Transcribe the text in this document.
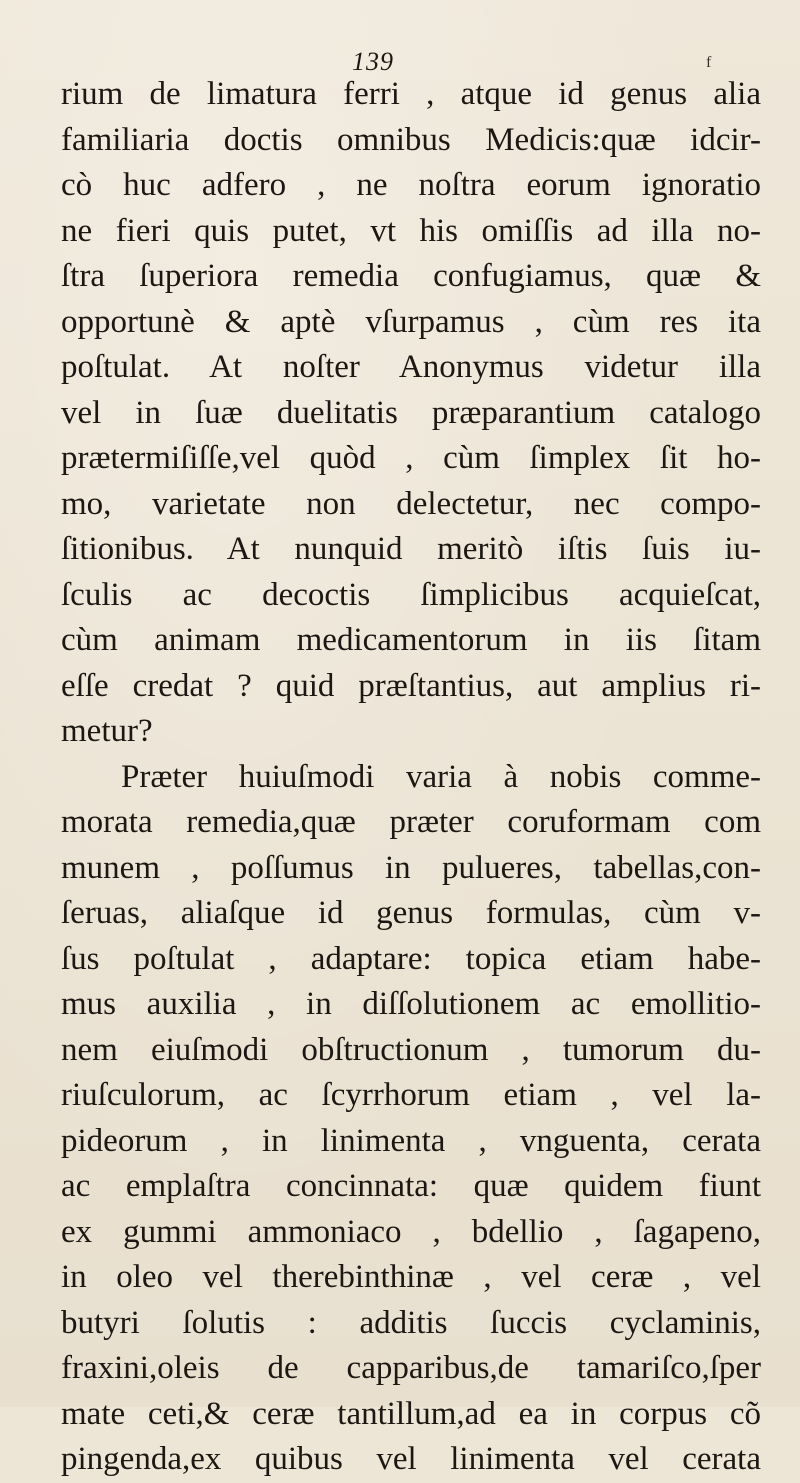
139	f
rium de limatura ferri , atque id genus alia
familiaria doctis omnibus Medicis:quæ idcir-
cò huc adfero , ne noſtra eorum ignoratio
ne fieri quis putet, vt his omiſſis ad illa no-
ſtra ſuperiora remedia confugiamus, quæ &
opportunè & aptè vſurpamus , cùm res ita
poſtulat. At noſter Anonymus videtur illa
vel in ſuæ duelitatis præparantium catalogo
prætermiſiſſe,vel quòd , cùm ſimplex ſit ho-
mo, varietate non delectetur, nec compo-
ſitionibus. At nunquid meritò iſtis ſuis iu-
ſculis ac decoctis ſimplicibus acquieſcat,
cùm animam medicamentorum in iis ſitam
eſſe credat ? quid præſtantius, aut amplius ri-
metur?
Præter huiuſmodi varia à nobis comme-
morata remedia,quæ præter coruformam com
munem , poſſumus in pulueres, tabellas,con-
ſeruas, aliaſque id genus formulas, cùm v-
ſus poſtulat , adaptare: topica etiam habe-
mus auxilia , in diſſolutionem ac emollitio-
nem eiuſmodi obſtructionum , tumorum du-
riuſculorum, ac ſcyrrhorum etiam , vel la-
pideorum , in linimenta , vnguenta, cerata
ac emplaſtra concinnata: quæ quidem fiunt
ex gummi ammoniaco , bdellio , ſagapeno,
in oleo vel therebinthinæ , vel ceræ , vel
butyri ſolutis : additis ſuccis cyclaminis,
fraxini,oleis de capparibus,de tamariſco,ſper
mate ceti,& ceræ tantillum,ad ea in corpus cõ
pingenda,ex quibus vel linimenta vel cerata
